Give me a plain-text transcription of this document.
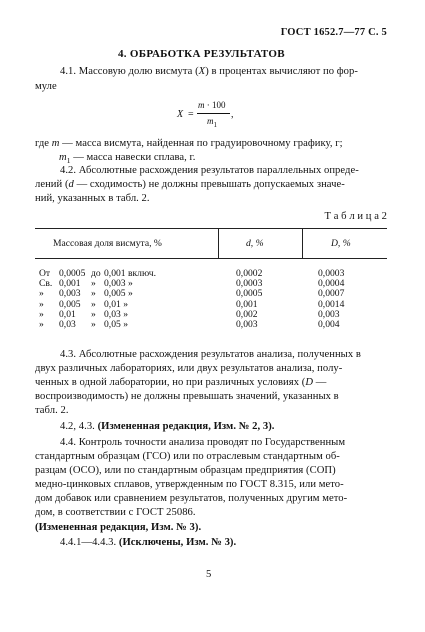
ГОСТ 1652.7—77 С. 5
4. ОБРАБОТКА РЕЗУЛЬТАТОВ
4.1. Массовую долю висмута (X) в процентах вычисляют по фор-
муле
X =
m · 100
$m_1$
,
где m — масса висмута, найденная по градуировочному графику, г;
$m_1$ — масса навески сплава, г.
4.2. Абсолютные расхождения результатов параллельных опреде-
лений (d — сходимость) не должны превышать допускаемых значе-
ний, указанных в табл. 2.
Т а б л и ц а 2
Массовая доля висмута, %	d, %	D, %
От 0,0005 до 0,001 включ.	0,0002	0,0003
Св. 0,001 » 0,003 »	0,0003	0,0004
» 0,003 » 0,005 »	0,0005	0,0007
» 0,005 » 0,01 »	0,001	0,0014
» 0,01 » 0,03 »	0,002	0,003
» 0,03 » 0,05 »	0,003	0,004
4.3. Абсолютные расхождения результатов анализа, полученных в
двух различных лабораториях, или двух результатов анализа, полу-
ченных в одной лаборатории, но при различных условиях (D —
воспроизводимость) не должны превышать значений, указанных в
табл. 2.
4.2, 4.3. (Измененная редакция, Изм. № 2, 3).
4.4. Контроль точности анализа проводят по Государственным
стандартным образцам (ГСО) или по отраслевым стандартным об-
разцам (ОСО), или по стандартным образцам предприятия (СОП)
медно-цинковых сплавов, утвержденным по ГОСТ 8.315, или мето-
дом добавок или сравнением результатов, полученных другим мето-
дом, в соответствии с ГОСТ 25086.
(Измененная редакция, Изм. № 3).
4.4.1—4.4.3. (Исключены, Изм. № 3).
5
